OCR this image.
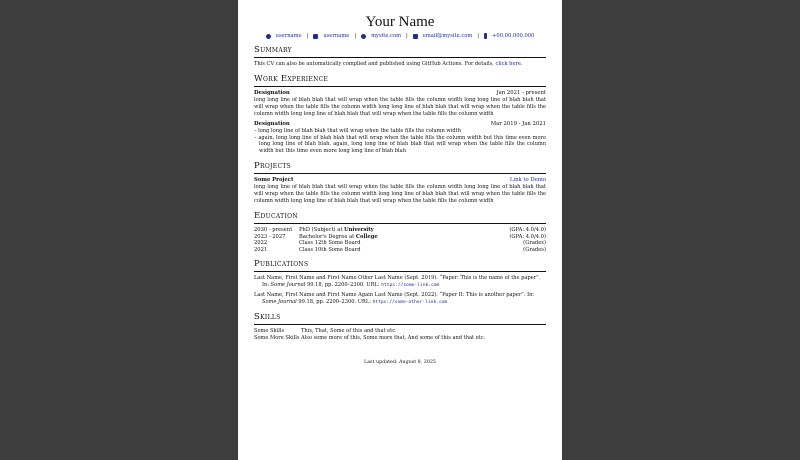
Your Name
username |	username |	mysite.com |	email@mysite.com |	+00.00.000.000
Summary

This CV can also be automatically complied and published using GitHub Actions. For details, click here.

Work Experience
Designation	Jan 2021 - present

long long line of blah blah that will wrap when the table fills the column width long long line of blah blah that will wrap when the table fills the column width long long line of blah blah that will wrap when the table fills the column width long long line of blah blah that will wrap when the table fills the column width

Designation	Mar 2019 - Jan 2021

– long long line of blah blah that will wrap when the table fills the column width

– again, long long line of blah blah that will wrap when the table fills the column width but this time even more long long line of blah blah. again, long long line of blah blah that will wrap when the table fills the column width but this time even more long long line of blah blah

Projects
Some Project	Link to Demo

long long line of blah blah that will wrap when the table fills the column width long long line of blah blah that will wrap when the table fills the column width long long line of blah blah that will wrap when the table fills the column width long long line of blah blah that will wrap when the table fills the column width

Education
2030 - present	PhD (Subject) at University	(GPA: 4.0/4.0)
2023 - 2027	Bachelor's Degree at College	(GPA: 4.0/4.0)
2022	Class 12th Some Board	(Grades)
2021	Class 10th Some Board	(Grades)
Publications

Last Name, First Name and First Name Other Last Name (Sept. 2019). “Paper: This is the name of the paper”. In: Some Journal 99.18, pp. 2200–2300. URL: https://some-link.com

Last Name, First Name and First Name Again Last Name (Sept. 2022). “Paper II: This is another paper”. In: Some Journal 99.18, pp. 2200–2300. URL: https://some-other-link.com

Skills
Some Skills	This, That, Some of this and that etc.
Some More Skills	Also some more of this, Some more that, And some of this and that etc.
Last updated: August 8, 2025
